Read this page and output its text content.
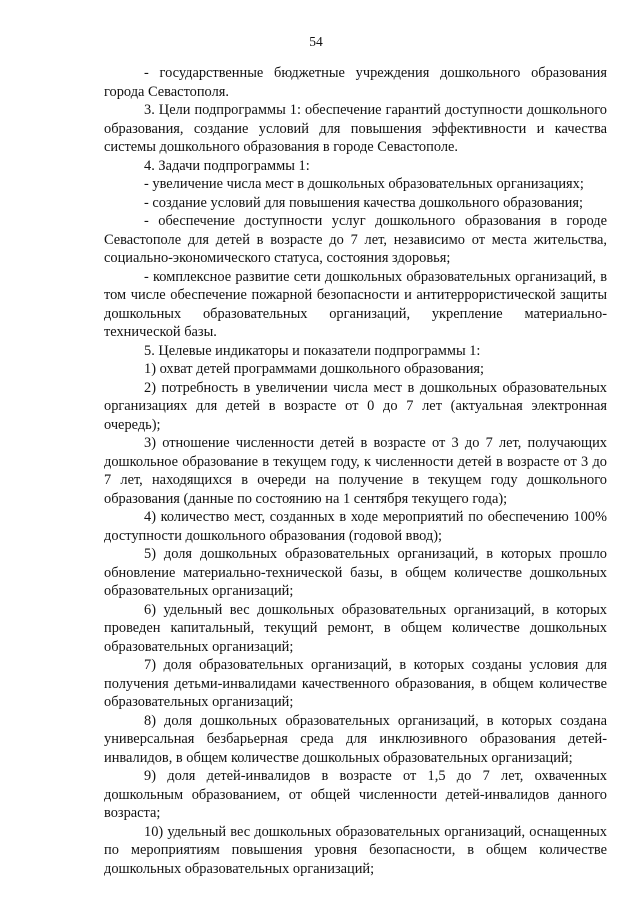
54

- государственные бюджетные учреждения дошкольного образования города Севастополя.

3. Цели подпрограммы 1: обеспечение гарантий доступности дошкольного образования, создание условий для повышения эффективности и качества системы дошкольного образования в городе Севастополе.

4. Задачи подпрограммы 1:

- увеличение числа мест в дошкольных образовательных организациях;

- создание условий для повышения качества дошкольного образования;

- обеспечение доступности услуг дошкольного образования в городе Севастополе для детей в возрасте до 7 лет, независимо от места жительства, социально-экономического статуса, состояния здоровья;

- комплексное развитие сети дошкольных образовательных организаций, в том числе обеспечение пожарной безопасности и антитеррористической защиты дошкольных образовательных организаций, укрепление материально-технической базы.

5. Целевые индикаторы и показатели подпрограммы 1:

1) охват детей программами дошкольного образования;

2) потребность в увеличении числа мест в дошкольных образовательных организациях для детей в возрасте от 0 до 7 лет (актуальная электронная очередь);

3) отношение численности детей в возрасте от 3 до 7 лет, получающих дошкольное образование в текущем году, к численности детей в возрасте от 3 до 7 лет, находящихся в очереди на получение в текущем году дошкольного образования (данные по состоянию на 1 сентября текущего года);

4) количество мест, созданных в ходе мероприятий по обеспечению 100% доступности дошкольного образования (годовой ввод);

5) доля дошкольных образовательных организаций, в которых прошло обновление материально-технической базы, в общем количестве дошкольных образовательных организаций;

6) удельный вес дошкольных образовательных организаций, в которых проведен капитальный, текущий ремонт, в общем количестве дошкольных образовательных организаций;

7) доля образовательных организаций, в которых созданы условия для получения детьми-инвалидами качественного образования, в общем количестве образовательных организаций;

8) доля дошкольных образовательных организаций, в которых создана универсальная безбарьерная среда для инклюзивного образования детей-инвалидов, в общем количестве дошкольных образовательных организаций;

9) доля детей-инвалидов в возрасте от 1,5 до 7 лет, охваченных дошкольным образованием, от общей численности детей-инвалидов данного возраста;

10) удельный вес дошкольных образовательных организаций, оснащенных по мероприятиям повышения уровня безопасности, в общем количестве дошкольных образовательных организаций;
